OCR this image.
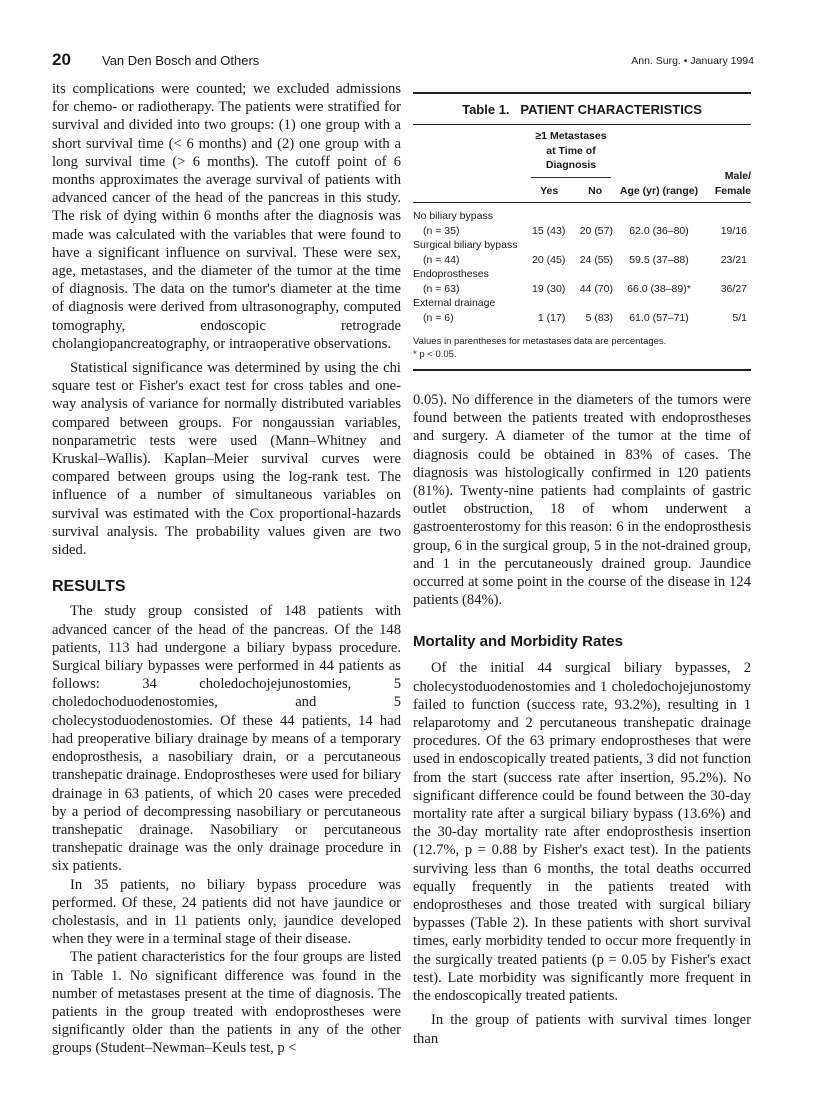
20 Van Den Bosch and Others	Ann. Surg. • January 1994

its complications were counted; we excluded admissions for chemo- or radiotherapy. The patients were stratified for survival and divided into two groups: (1) one group with a short survival time (< 6 months) and (2) one group with a long survival time (> 6 months). The cutoff point of 6 months approximates the average survival of patients with advanced cancer of the head of the pancreas in this study. The risk of dying within 6 months after the diagnosis was made was calculated with the variables that were found to have a significant influence on survival. These were sex, age, metastases, and the diameter of the tumor at the time of diagnosis. The data on the tumor's diameter at the time of diagnosis were derived from ultrasonography, computed tomography, endoscopic retrograde cholangiopancreatography, or intraoperative observations.

Statistical significance was determined by using the chi square test or Fisher's exact test for cross tables and one-way analysis of variance for normally distributed variables compared between groups. For nongaussian variables, nonparametric tests were used (Mann–Whitney and Kruskal–Wallis). Kaplan–Meier survival curves were compared between groups using the log-rank test. The influence of a number of simultaneous variables on survival was estimated with the Cox proportional-hazards survival analysis. The probability values given are two sided.

RESULTS

The study group consisted of 148 patients with advanced cancer of the head of the pancreas. Of the 148 patients, 113 had undergone a biliary bypass procedure. Surgical biliary bypasses were performed in 44 patients as follows: 34 choledochojejunostomies, 5 choledochoduodenostomies, and 5 cholecystoduodenostomies. Of these 44 patients, 14 had had preoperative biliary drainage by means of a temporary endoprosthesis, a nasobiliary drain, or a percutaneous transhepatic drainage. Endoprostheses were used for biliary drainage in 63 patients, of which 20 cases were preceded by a period of decompressing nasobiliary or percutaneous transhepatic drainage. Nasobiliary or percutaneous transhepatic drainage was the only drainage procedure in six patients.

In 35 patients, no biliary bypass procedure was performed. Of these, 24 patients did not have jaundice or cholestasis, and in 11 patients only, jaundice developed when they were in a terminal stage of their disease.

The patient characteristics for the four groups are listed in Table 1. No significant difference was found in the number of metastases present at the time of diagnosis. The patients in the group treated with endoprostheses were significantly older than the patients in any of the other groups (Student–Newman–Keuls test, p <

Table 1.   PATIENT CHARACTERISTICS

	≥1 Metastases at Time of Diagnosis		Age (yr) (range)	Male/ Female
	Yes	No		

No biliary bypass				
(n = 35)	15 (43)	20 (57)	62.0 (36–80)	19/16
Surgical biliary bypass				
(n = 44)	20 (45)	24 (55)	59.5 (37–88)	23/21
Endoprostheses				
(n = 63)	19 (30)	44 (70)	66.0 (38–89)*	36/27
External drainage				
(n = 6)	1 (17)	5 (83)	61.0 (57–71)	5/1
Values in parentheses for metastases data are percentages.
* p < 0.05.

0.05). No difference in the diameters of the tumors were found between the patients treated with endoprostheses and surgery. A diameter of the tumor at the time of diagnosis could be obtained in 83% of cases. The diagnosis was histologically confirmed in 120 patients (81%). Twenty-nine patients had complaints of gastric outlet obstruction, 18 of whom underwent a gastroenterostomy for this reason: 6 in the endoprosthesis group, 6 in the surgical group, 5 in the not-drained group, and 1 in the percutaneously drained group. Jaundice occurred at some point in the course of the disease in 124 patients (84%).

Mortality and Morbidity Rates

Of the initial 44 surgical biliary bypasses, 2 cholecystoduodenostomies and 1 choledochojejunostomy failed to function (success rate, 93.2%), resulting in 1 relaparotomy and 2 percutaneous transhepatic drainage procedures. Of the 63 primary endoprostheses that were used in endoscopically treated patients, 3 did not function from the start (success rate after insertion, 95.2%). No significant difference could be found between the 30-day mortality rate after a surgical biliary bypass (13.6%) and the 30-day mortality rate after endoprosthesis insertion (12.7%, p = 0.88 by Fisher's exact test). In the patients surviving less than 6 months, the total deaths occurred equally frequently in the patients treated with endoprostheses and those treated with surgical biliary bypasses (Table 2). In these patients with short survival times, early morbidity tended to occur more frequently in the surgically treated patients (p = 0.05 by Fisher's exact test). Late morbidity was significantly more frequent in the endoscopically treated patients.

In the group of patients with survival times longer than
